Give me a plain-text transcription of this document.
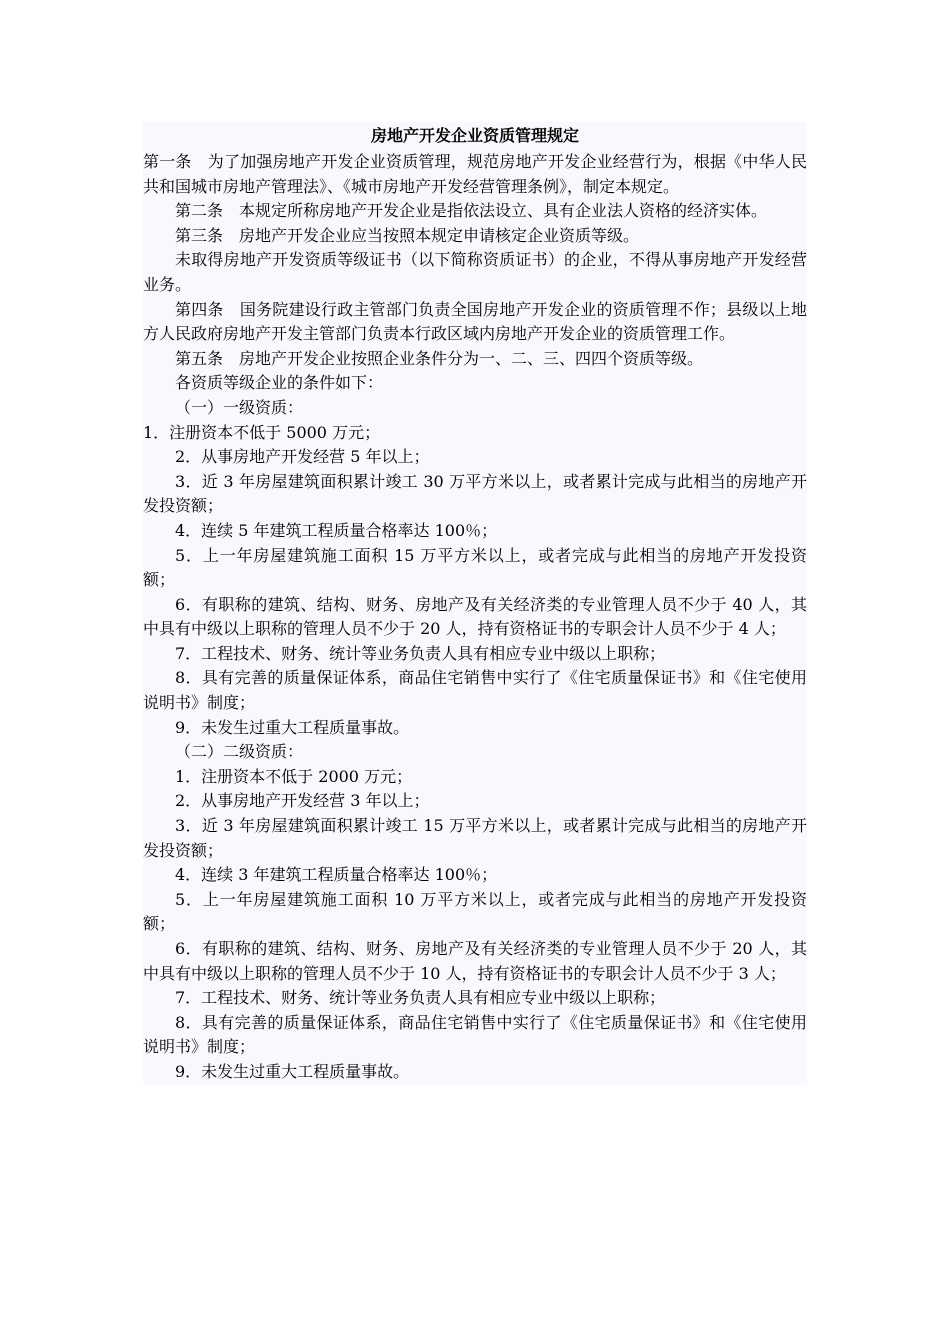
房地产开发企业资质管理规定

第一条　为了加强房地产开发企业资质管理，规范房地产开发企业经营行为，根据《中华人民共和国城市房地产管理法》、《城市房地产开发经营管理条例》，制定本规定。

第二条　本规定所称房地产开发企业是指依法设立、具有企业法人资格的经济实体。

第三条　房地产开发企业应当按照本规定申请核定企业资质等级。

未取得房地产开发资质等级证书（以下简称资质证书）的企业，不得从事房地产开发经营业务。

第四条　国务院建设行政主管部门负责全国房地产开发企业的资质管理不作；县级以上地方人民政府房地产开发主管部门负责本行政区域内房地产开发企业的资质管理工作。

第五条　房地产开发企业按照企业条件分为一、二、三、四四个资质等级。

各资质等级企业的条件如下：

（一）一级资质：

1．注册资本不低于 5000 万元；

2．从事房地产开发经营 5 年以上；

3．近 3 年房屋建筑面积累计竣工 30 万平方米以上，或者累计完成与此相当的房地产开发投资额；

4．连续 5 年建筑工程质量合格率达 100％；

5．上一年房屋建筑施工面积 15 万平方米以上，或者完成与此相当的房地产开发投资额；

6．有职称的建筑、结构、财务、房地产及有关经济类的专业管理人员不少于 40 人，其中具有中级以上职称的管理人员不少于 20 人，持有资格证书的专职会计人员不少于 4 人；

7．工程技术、财务、统计等业务负责人具有相应专业中级以上职称；

8．具有完善的质量保证体系，商品住宅销售中实行了《住宅质量保证书》和《住宅使用说明书》制度；

9．未发生过重大工程质量事故。

（二）二级资质：

1．注册资本不低于 2000 万元；

2．从事房地产开发经营 3 年以上；

3．近 3 年房屋建筑面积累计竣工 15 万平方米以上，或者累计完成与此相当的房地产开发投资额；

4．连续 3 年建筑工程质量合格率达 100％；

5．上一年房屋建筑施工面积 10 万平方米以上，或者完成与此相当的房地产开发投资额；

6．有职称的建筑、结构、财务、房地产及有关经济类的专业管理人员不少于 20 人，其中具有中级以上职称的管理人员不少于 10 人，持有资格证书的专职会计人员不少于 3 人；

7．工程技术、财务、统计等业务负责人具有相应专业中级以上职称；

8．具有完善的质量保证体系，商品住宅销售中实行了《住宅质量保证书》和《住宅使用说明书》制度；

9．未发生过重大工程质量事故。
